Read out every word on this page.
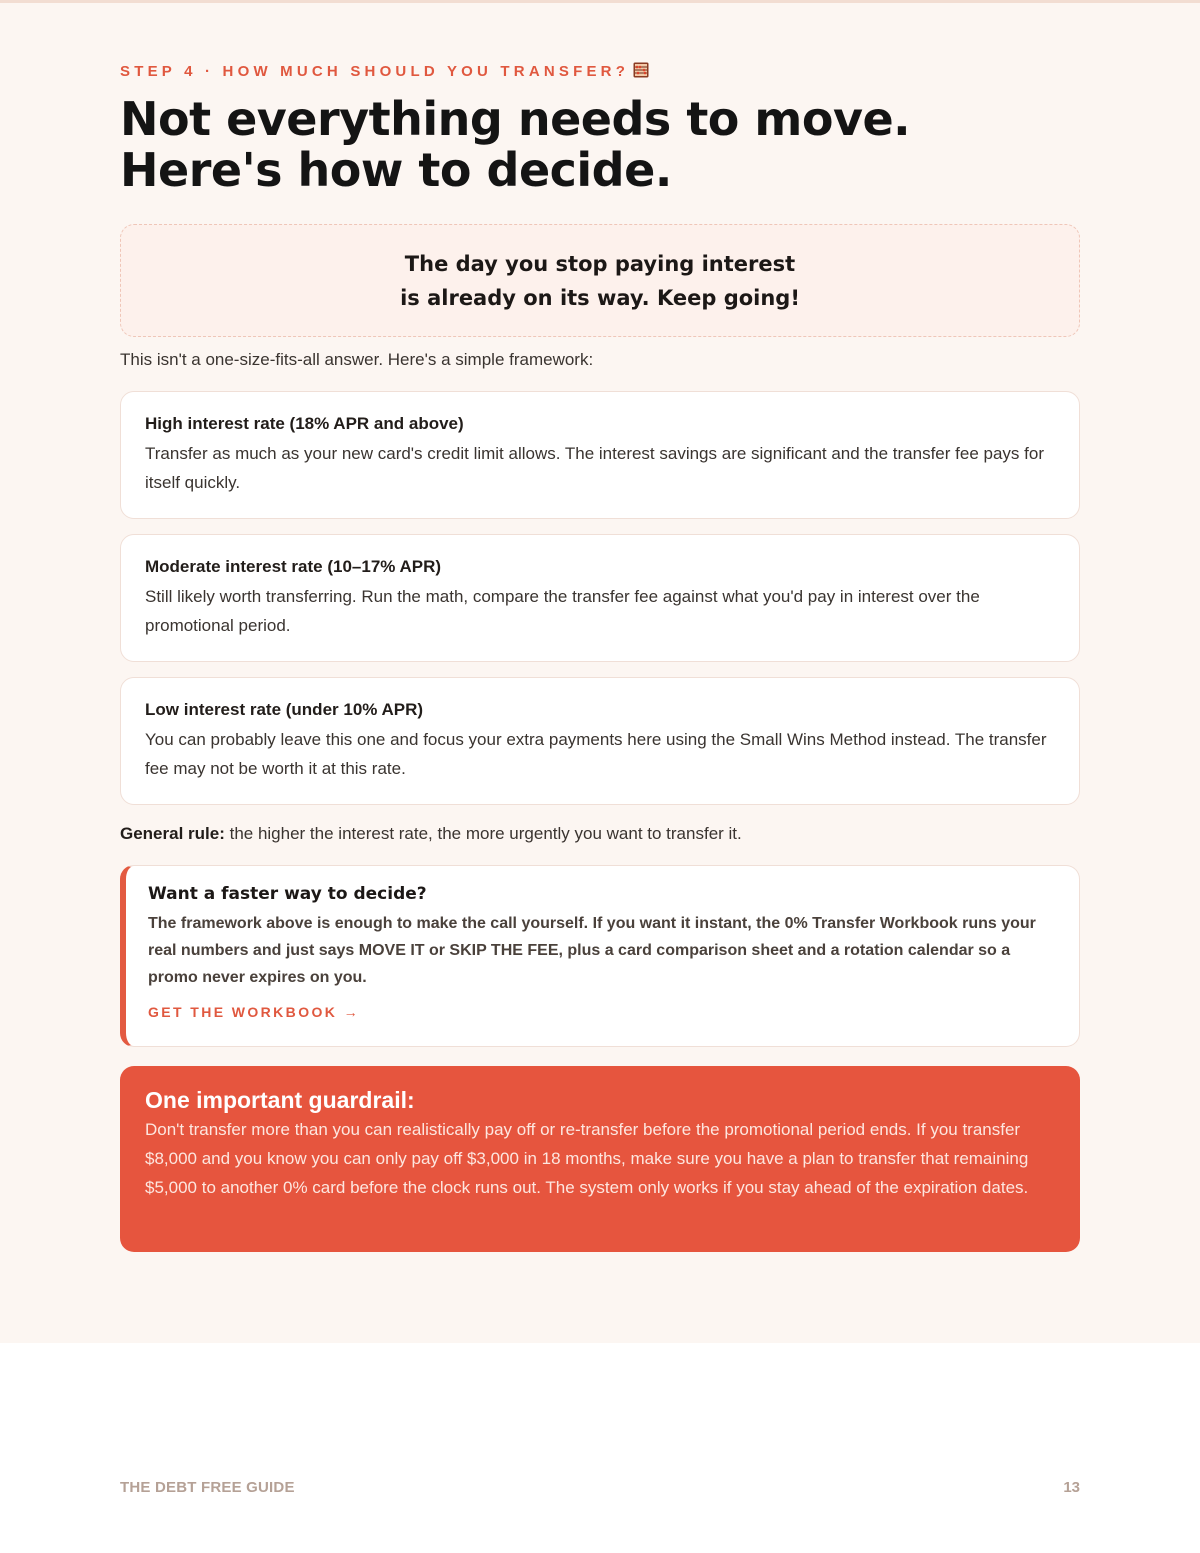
STEP 4 · HOW MUCH SHOULD YOU TRANSFER?
Not everything needs to move. Here's how to decide.
The day you stop paying interest
is already on its way. Keep going!

This isn't a one-size-fits-all answer. Here's a simple framework:

High interest rate (18% APR and above)
Transfer as much as your new card's credit limit allows. The interest savings are significant and the transfer fee pays for itself quickly.
Moderate interest rate (10–17% APR)
Still likely worth transferring. Run the math, compare the transfer fee against what you'd pay in interest over the promotional period.
Low interest rate (under 10% APR)
You can probably leave this one and focus your extra payments here using the Small Wins Method instead. The transfer fee may not be worth it at this rate.
General rule: the higher the interest rate, the more urgently you want to transfer it.
Want a faster way to decide?
The framework above is enough to make the call yourself. If you want it instant, the 0% Transfer Workbook runs your real numbers and just says MOVE IT or SKIP THE FEE, plus a card comparison sheet and a rotation calendar so a promo never expires on you.
GET THE WORKBOOK →
One important guardrail:
Don't transfer more than you can realistically pay off or re-transfer before the promotional period ends. If you transfer $8,000 and you know you can only pay off $3,000 in 18 months, make sure you have a plan to transfer that remaining $5,000 to another 0% card before the clock runs out. The system only works if you stay ahead of the expiration dates.
THE DEBT FREE GUIDE	13
